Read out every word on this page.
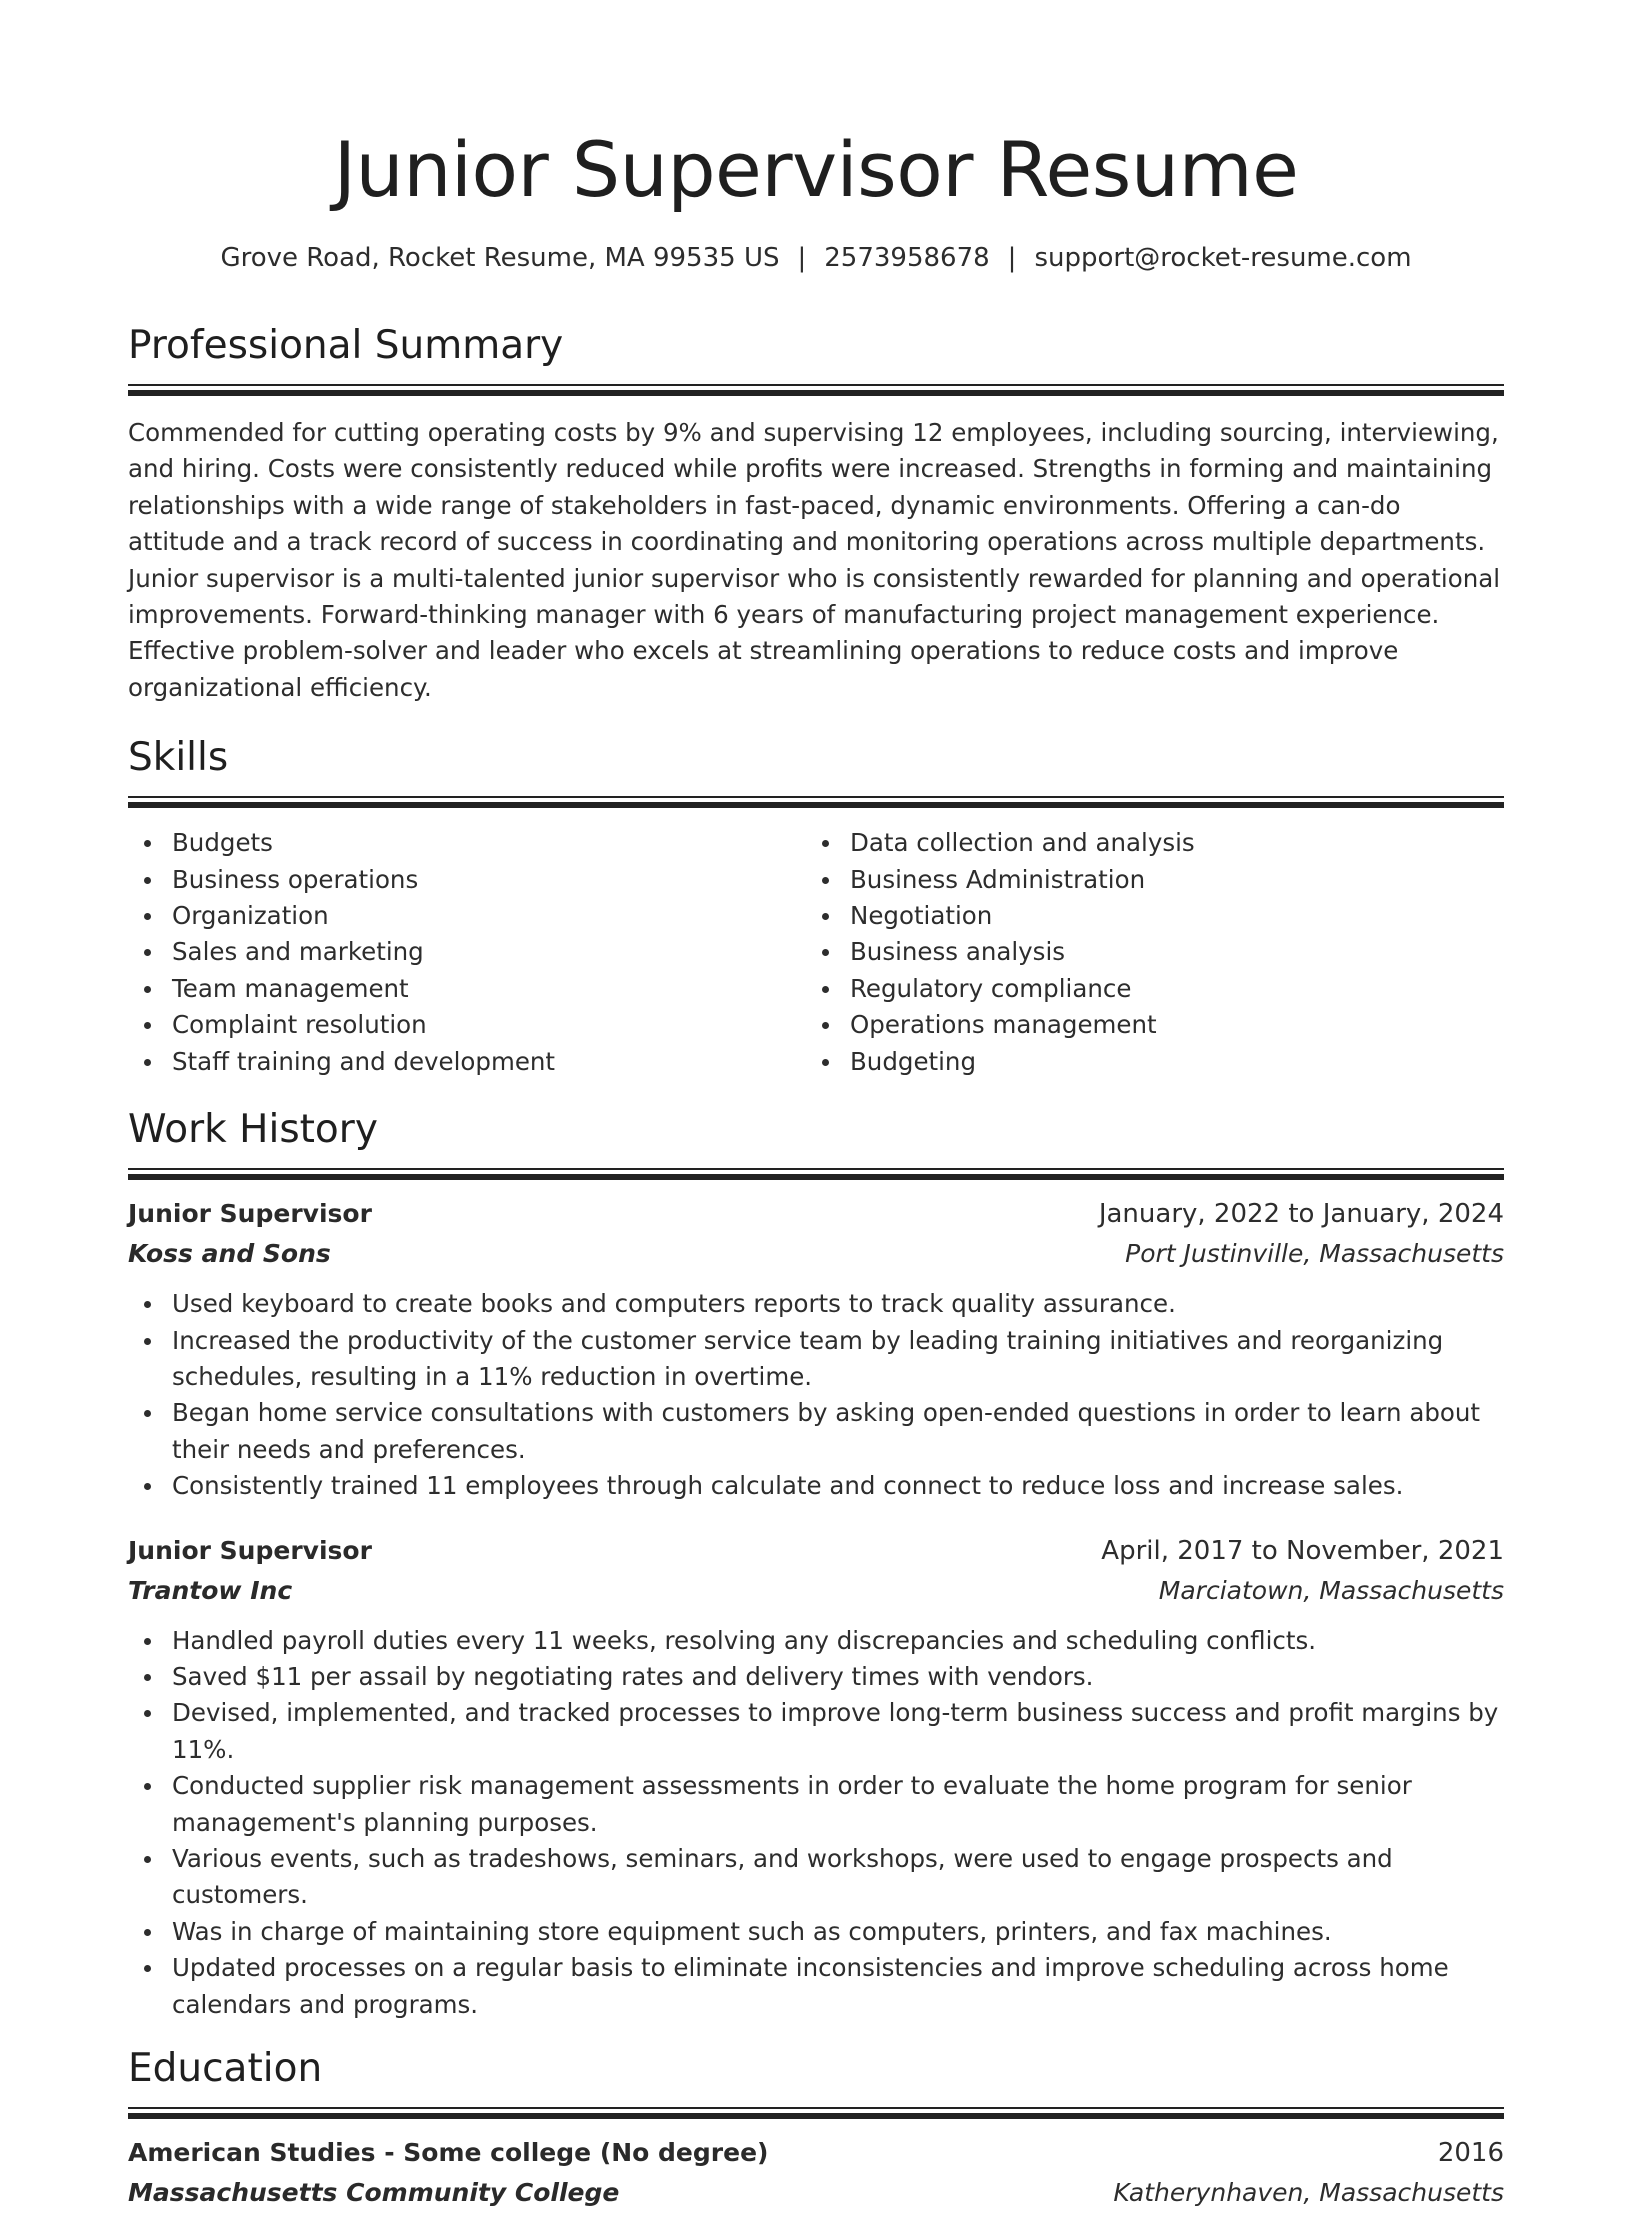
Junior Supervisor Resume
Grove Road, Rocket Resume, MA 99535 US | 2573958678 | support@rocket-resume.com
Professional Summary

Commended for cutting operating costs by 9% and supervising 12 employees, including sourcing, interviewing, and hiring. Costs were consistently reduced while profits were increased. Strengths in forming and maintaining relationships with a wide range of stakeholders in fast-paced, dynamic environments. Offering a can-do attitude and a track record of success in coordinating and monitoring operations across multiple departments. Junior supervisor is a multi-talented junior supervisor who is consistently rewarded for planning and operational improvements. Forward-thinking manager with 6 years of manufacturing project management experience. Effective problem-solver and leader who excels at streamlining operations to reduce costs and improve organizational efficiency.

Skills
Budgets
Business operations
Organization
Sales and marketing
Team management
Complaint resolution
Staff training and development
Data collection and analysis
Business Administration
Negotiation
Business analysis
Regulatory compliance
Operations management
Budgeting
Work History
Junior Supervisor	January, 2022 to January, 2024
Koss and Sons	Port Justinville, Massachusetts
Used keyboard to create books and computers reports to track quality assurance.
Increased the productivity of the customer service team by leading training initiatives and reorganizing schedules, resulting in a 11% reduction in overtime.
Began home service consultations with customers by asking open-ended questions in order to learn about their needs and preferences.
Consistently trained 11 employees through calculate and connect to reduce loss and increase sales.
Junior Supervisor	April, 2017 to November, 2021
Trantow Inc	Marciatown, Massachusetts
Handled payroll duties every 11 weeks, resolving any discrepancies and scheduling conflicts.
Saved $11 per assail by negotiating rates and delivery times with vendors.
Devised, implemented, and tracked processes to improve long-term business success and profit margins by 11%.
Conducted supplier risk management assessments in order to evaluate the home program for senior management's planning purposes.
Various events, such as tradeshows, seminars, and workshops, were used to engage prospects and customers.
Was in charge of maintaining store equipment such as computers, printers, and fax machines.
Updated processes on a regular basis to eliminate inconsistencies and improve scheduling across home calendars and programs.
Education
American Studies - Some college (No degree)	2016
Massachusetts Community College	Katherynhaven, Massachusetts
